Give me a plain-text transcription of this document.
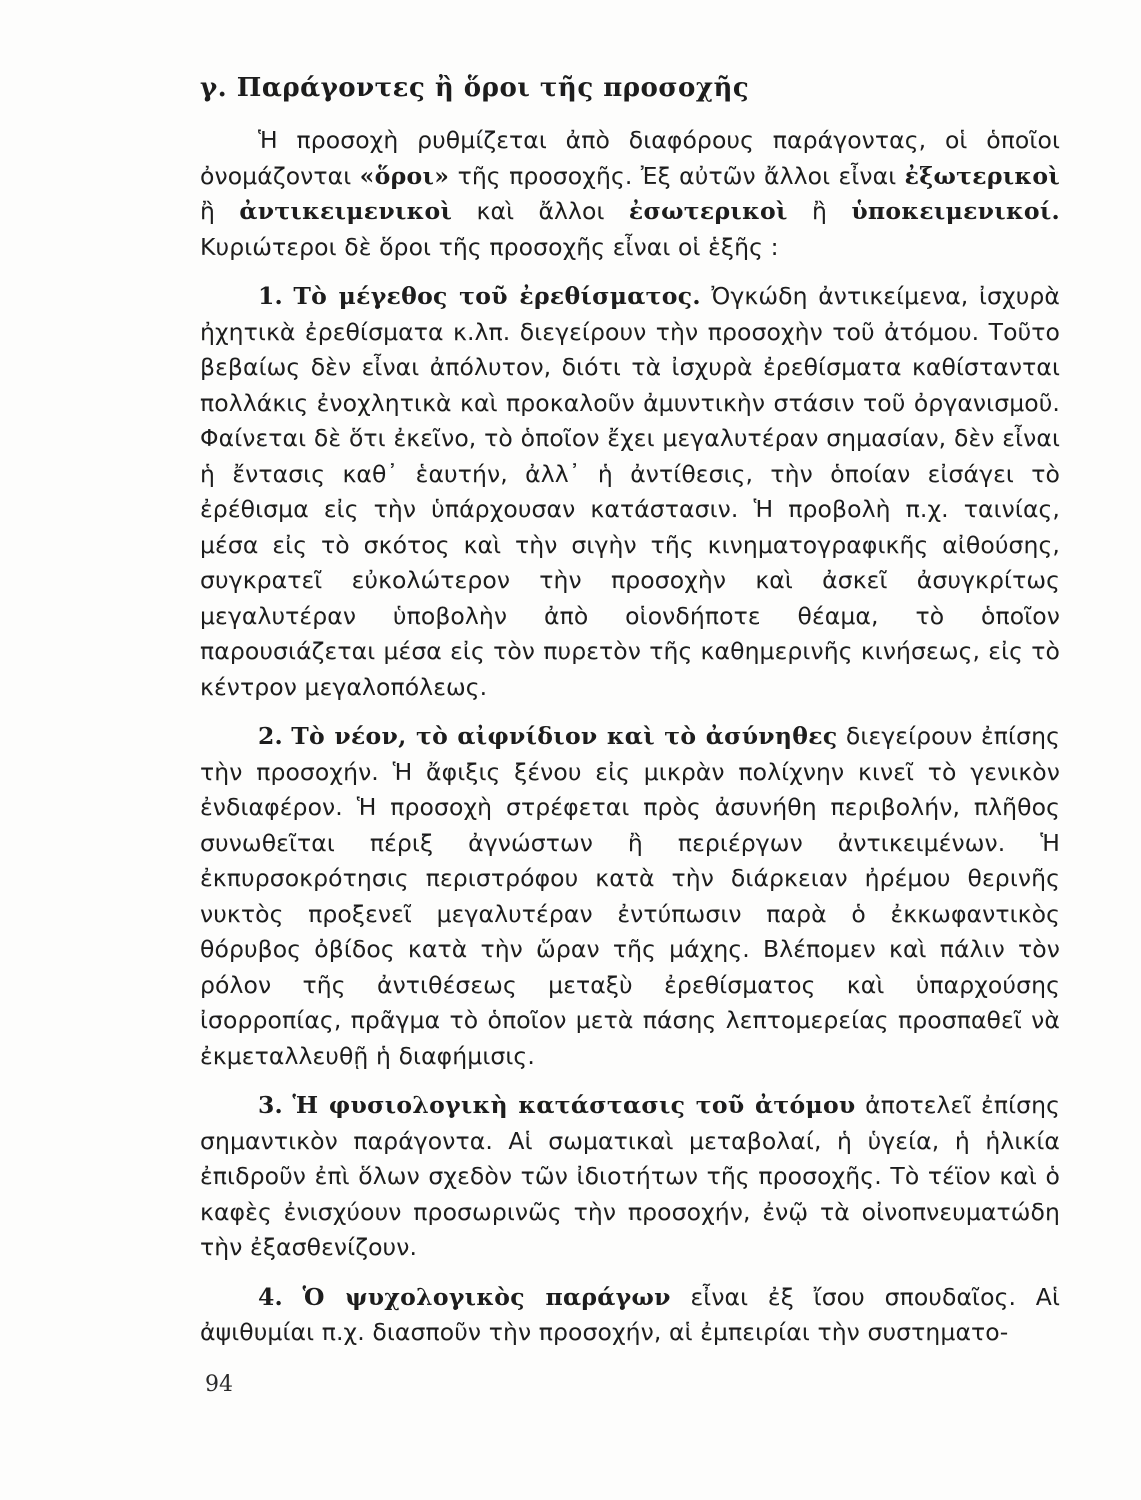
γ. Παράγοντες ἢ ὅροι τῆς προσοχῆς

Ἡ προσοχὴ ρυθμίζεται ἀπὸ διαφόρους παράγοντας, οἱ ὁποῖοι ὀνομάζονται «ὅροι» τῆς προσοχῆς. Ἐξ αὐτῶν ἄλλοι εἶναι ἐξωτερικοὶ ἢ ἀντικειμενικοὶ καὶ ἄλλοι ἐσωτερικοὶ ἢ ὑποκειμενικοί. Κυριώτεροι δὲ ὅροι τῆς προσοχῆς εἶναι οἱ ἑξῆς :

1. Τὸ μέγεθος τοῦ ἐρεθίσματος. Ὀγκώδη ἀντικείμενα, ἰσχυρὰ ἠχητικὰ ἐρεθίσματα κ.λπ. διεγείρουν τὴν προσοχὴν τοῦ ἀτόμου. Τοῦτο βεβαίως δὲν εἶναι ἀπόλυτον, διότι τὰ ἰσχυρὰ ἐρεθίσματα καθίστανται πολλάκις ἐνοχλητικὰ καὶ προκαλοῦν ἀμυντικὴν στάσιν τοῦ ὀργανισμοῦ. Φαίνεται δὲ ὅτι ἐκεῖνο, τὸ ὁποῖον ἔχει μεγαλυτέραν σημασίαν, δὲν εἶναι ἡ ἔντασις καθ᾽ ἑαυτήν, ἀλλ᾽ ἡ ἀντίθεσις, τὴν ὁποίαν εἰσάγει τὸ ἐρέθισμα εἰς τὴν ὑπάρχουσαν κατάστασιν. Ἡ προβολὴ π.χ. ταινίας, μέσα εἰς τὸ σκότος καὶ τὴν σιγὴν τῆς κινηματογραφικῆς αἰθούσης, συγκρατεῖ εὐκολώτερον τὴν προσοχὴν καὶ ἀσκεῖ ἀσυγκρίτως μεγαλυτέραν ὑποβολὴν ἀπὸ οἱονδήποτε θέαμα, τὸ ὁποῖον παρουσιάζεται μέσα εἰς τὸν πυρετὸν τῆς καθημερινῆς κινήσεως, εἰς τὸ κέντρον μεγαλοπόλεως.

2. Τὸ νέον, τὸ αἰφνίδιον καὶ τὸ ἀσύνηθες διεγείρουν ἐπίσης τὴν προσοχήν. Ἡ ἄφιξις ξένου εἰς μικρὰν πολίχνην κινεῖ τὸ γενικὸν ἐνδιαφέρον. Ἡ προσοχὴ στρέφεται πρὸς ἀσυνήθη περιβολήν, πλῆθος συνωθεῖται πέριξ ἀγνώστων ἢ περιέργων ἀντικειμένων. Ἡ ἐκπυρσοκρότησις περιστρόφου κατὰ τὴν διάρκειαν ἠρέμου θερινῆς νυκτὸς προξενεῖ μεγαλυτέραν ἐντύπωσιν παρὰ ὁ ἐκκωφαντικὸς θόρυβος ὀβίδος κατὰ τὴν ὥραν τῆς μάχης. Βλέπομεν καὶ πάλιν τὸν ρόλον τῆς ἀντιθέσεως μεταξὺ ἐρεθίσματος καὶ ὑπαρχούσης ἰσορροπίας, πρᾶγμα τὸ ὁποῖον μετὰ πάσης λεπτομερείας προσπαθεῖ νὰ ἐκμεταλλευθῇ ἡ διαφήμισις.

3. Ἡ φυσιολογικὴ κατάστασις τοῦ ἀτόμου ἀποτελεῖ ἐπίσης σημαντικὸν παράγοντα. Αἱ σωματικαὶ μεταβολαί, ἡ ὑγεία, ἡ ἡλικία ἐπιδροῦν ἐπὶ ὅλων σχεδὸν τῶν ἰδιοτήτων τῆς προσοχῆς. Τὸ τέϊον καὶ ὁ καφὲς ἐνισχύουν προσωρινῶς τὴν προσοχήν, ἐνῷ τὰ οἰνοπνευματώδη τὴν ἐξασθενίζουν.

4. Ὁ ψυχολογικὸς παράγων εἶναι ἐξ ἴσου σπουδαῖος. Αἱ ἀψιθυμίαι π.χ. διασποῦν τὴν προσοχήν, αἱ ἐμπειρίαι τὴν συστηματο-

94
